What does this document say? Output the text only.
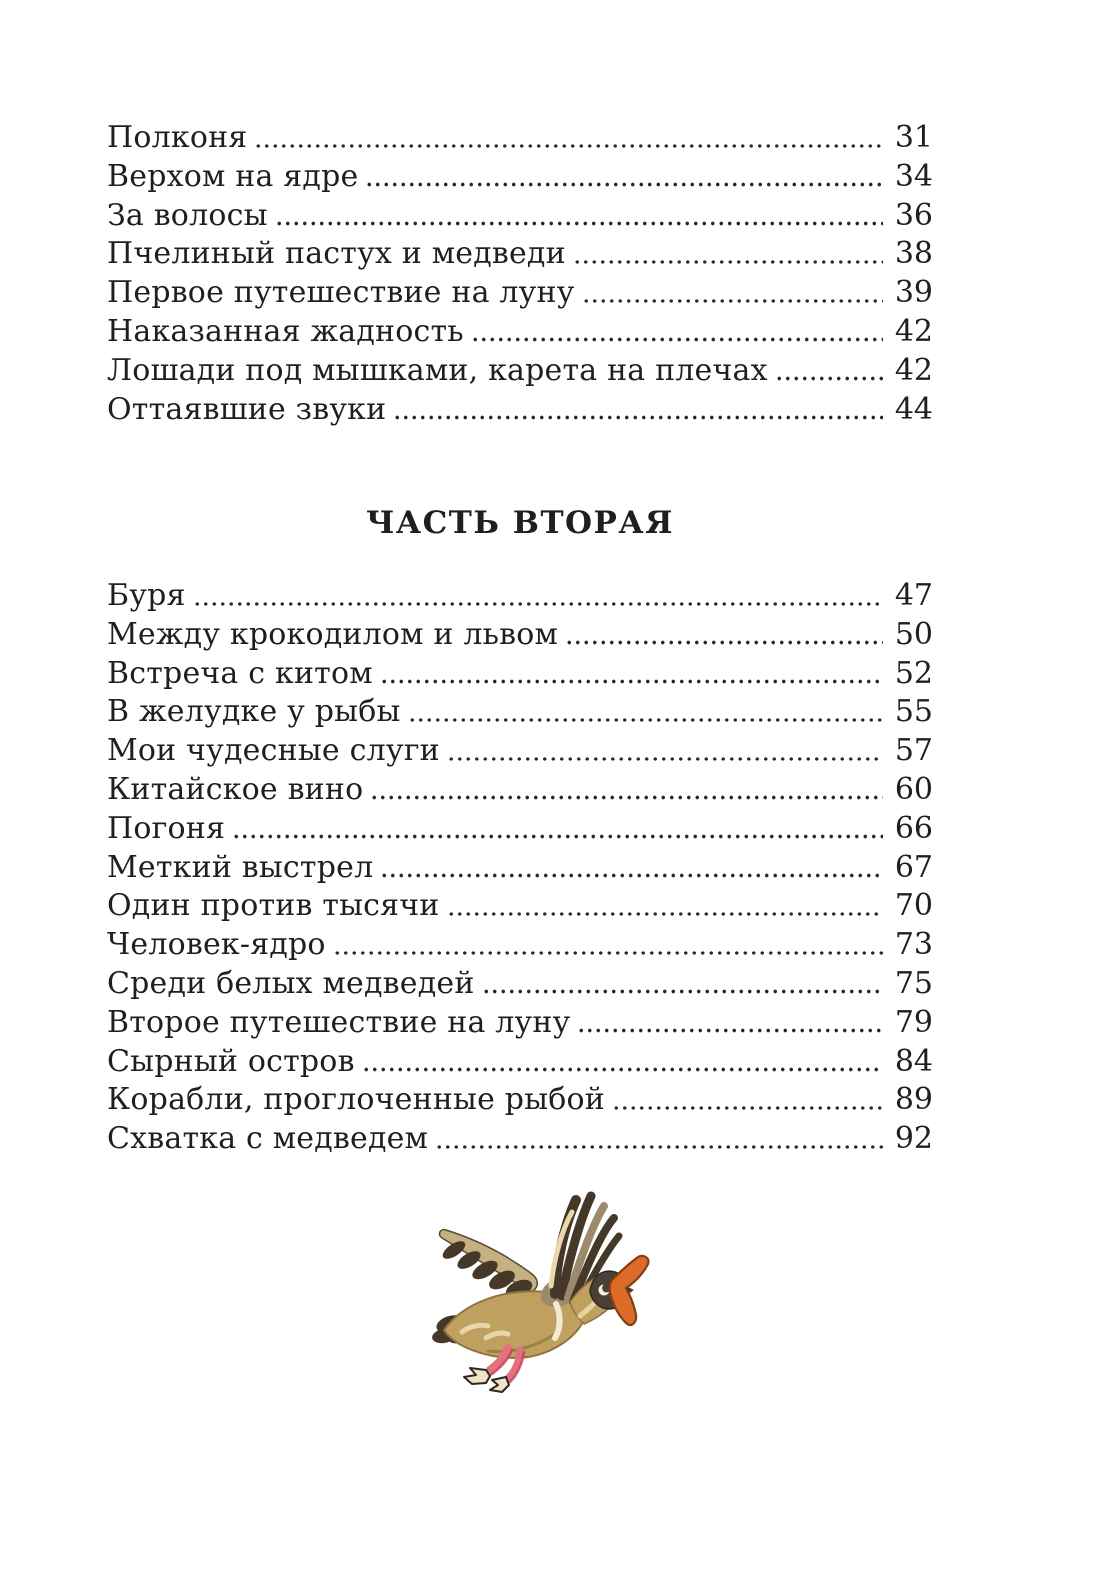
Полконя	31
Верхом на ядре	34
За волосы	36
Пчелиный пастух и медведи	38
Первое путешествие на луну	39
Наказанная жадность	42
Лошади под мышками, карета на плечах	42
Оттаявшие звуки	44
ЧАСТЬ ВТОРАЯ
Буря	47
Между крокодилом и львом	50
Встреча с китом	52
В желудке у рыбы	55
Мои чудесные слуги	57
Китайское вино	60
Погоня	66
Меткий выстрел	67
Один против тысячи	70
Человек-ядро	73
Среди белых медведей	75
Второе путешествие на луну	79
Сырный остров	84
Корабли, проглоченные рыбой	89
Схватка с медведем	92
